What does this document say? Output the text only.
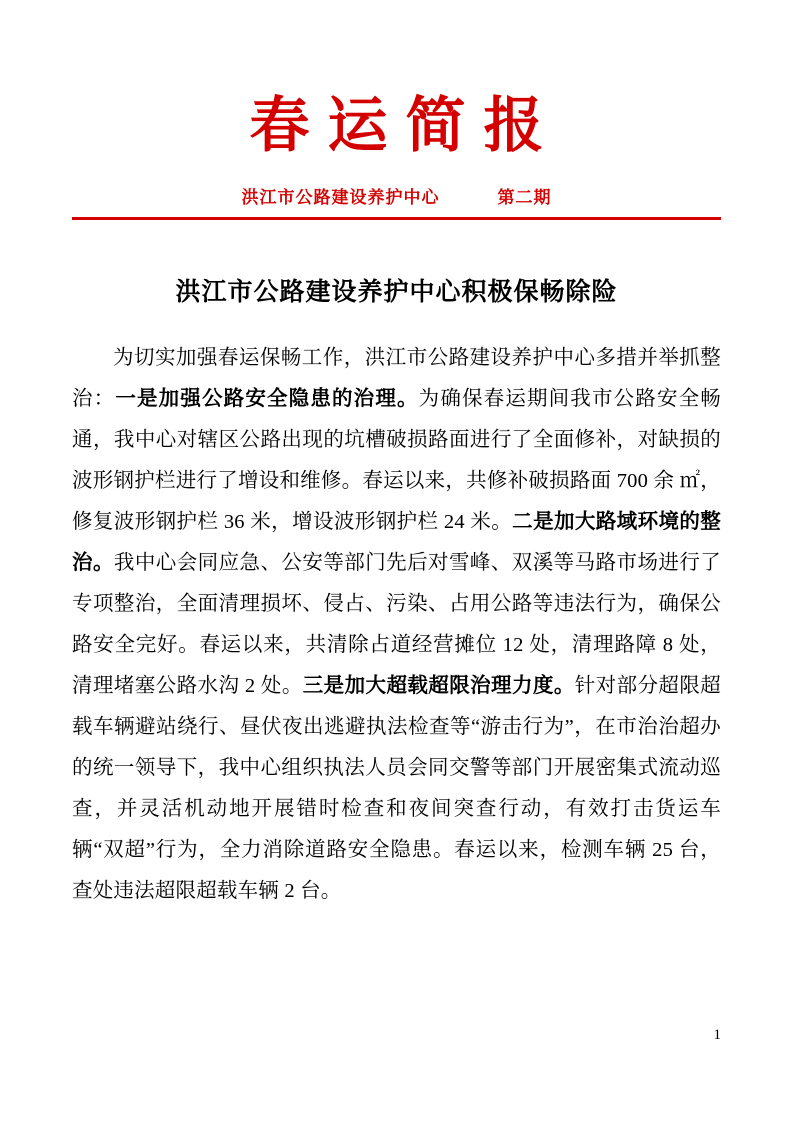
春运简报
洪江市公路建设养护中心	第二期
洪江市公路建设养护中心积极保畅除险

为切实加强春运保畅工作，洪江市公路建设养护中心多措并举抓整治：一是加强公路安全隐患的治理。为确保春运期间我市公路安全畅通，我中心对辖区公路出现的坑槽破损路面进行了全面修补，对缺损的波形钢护栏进行了增设和维修。春运以来，共修补破损路面 700 余 ㎡，修复波形钢护栏 36 米，增设波形钢护栏 24 米。二是加大路域环境的整治。我中心会同应急、公安等部门先后对雪峰、双溪等马路市场进行了专项整治，全面清理损坏、侵占、污染、占用公路等违法行为，确保公路安全完好。春运以来，共清除占道经营摊位 12 处，清理路障 8 处，清理堵塞公路水沟 2 处。三是加大超载超限治理力度。针对部分超限超载车辆避站绕行、昼伏夜出逃避执法检查等“游击行为”，在市治治超办的统一领导下，我中心组织执法人员会同交警等部门开展密集式流动巡查，并灵活机动地开展错时检查和夜间突查行动，有效打击货运车辆“双超”行为，全力消除道路安全隐患。春运以来，检测车辆 25 台，查处违法超限超载车辆 2 台。

1
